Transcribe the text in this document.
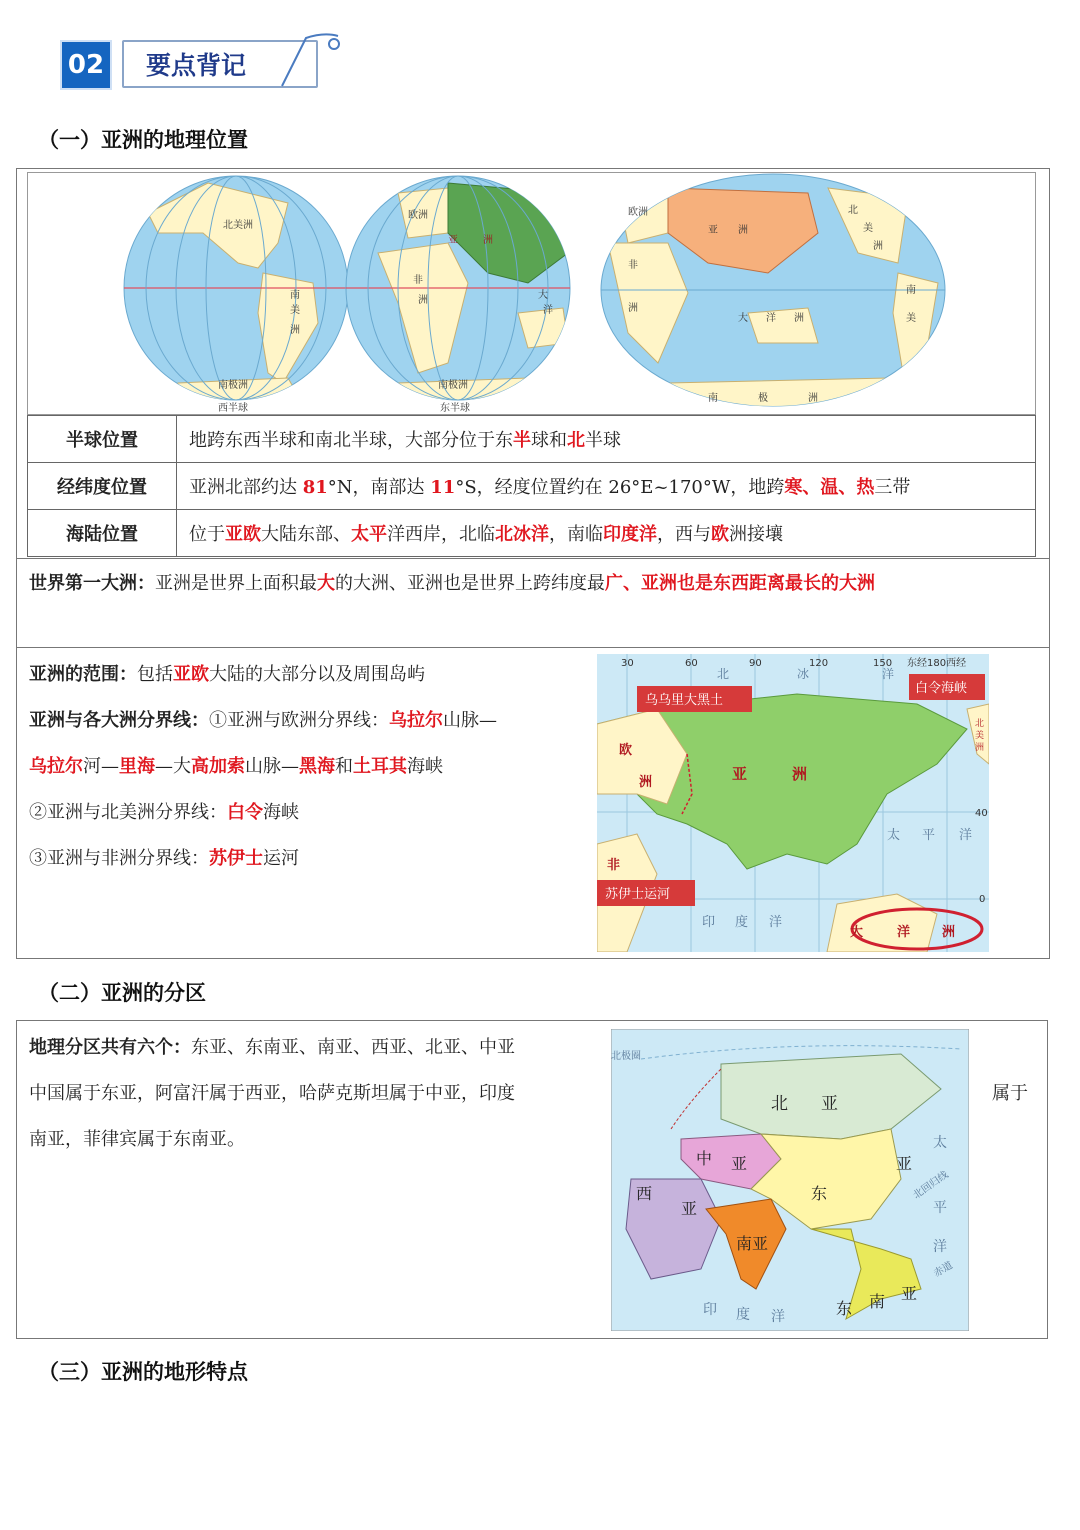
02	要点背记
（一）亚洲的地理位置
北美洲
南
美
洲
南极洲
西半球
欧洲
亚	洲
非
洲	大
洋
南极洲
东半球
欧洲
亚 洲
非
洲
北
美
洲
南
美
大 洋 洲
南	极	洲
半球位置	地跨东西半球和南北半球，大部分位于东半球和北半球
经纬度位置	亚洲北部约达 81°N，南部达 11°S，经度位置约在 26°E~170°W，地跨寒、温、热三带
海陆位置	位于亚欧大陆东部、太平洋西岸，北临北冰洋，南临印度洋，西与欧洲接壤
世界第一大洲：亚洲是世界上面积最大的大洲、亚洲也是世界上跨纬度最广、亚洲也是东西距离最长的大洲
亚洲的范围：包括亚欧大陆的大部分以及周围岛屿
亚洲与各大洲分界线：①亚洲与欧洲分界线：乌拉尔山脉—
乌拉尔河—里海—大高加索山脉—黑海和土耳其海峡
②亚洲与北美洲分界线：白令海峡
③亚洲与非洲分界线：苏伊士运河
30	60	90	120	150 东经180西经
40
0
乌乌里大黑土
白令海峡
苏伊士运河
北	冰	洋
亚	洲
欧
洲
非
太 平 洋
印 度 洋
大	洋 洲
北
美
洲
（二）亚洲的分区
地理分区共有六个：东亚、东南亚、南亚、西亚、北亚、中亚
中国属于东亚，阿富汗属于西亚，哈萨克斯坦属于中亚，印度
南亚，菲律宾属于东南亚。
属于
北极圈
北 亚
中 亚
西
亚
东
亚
南亚
东 南 亚
太
平
洋
印 度 洋
北回归线
赤道
（三）亚洲的地形特点
